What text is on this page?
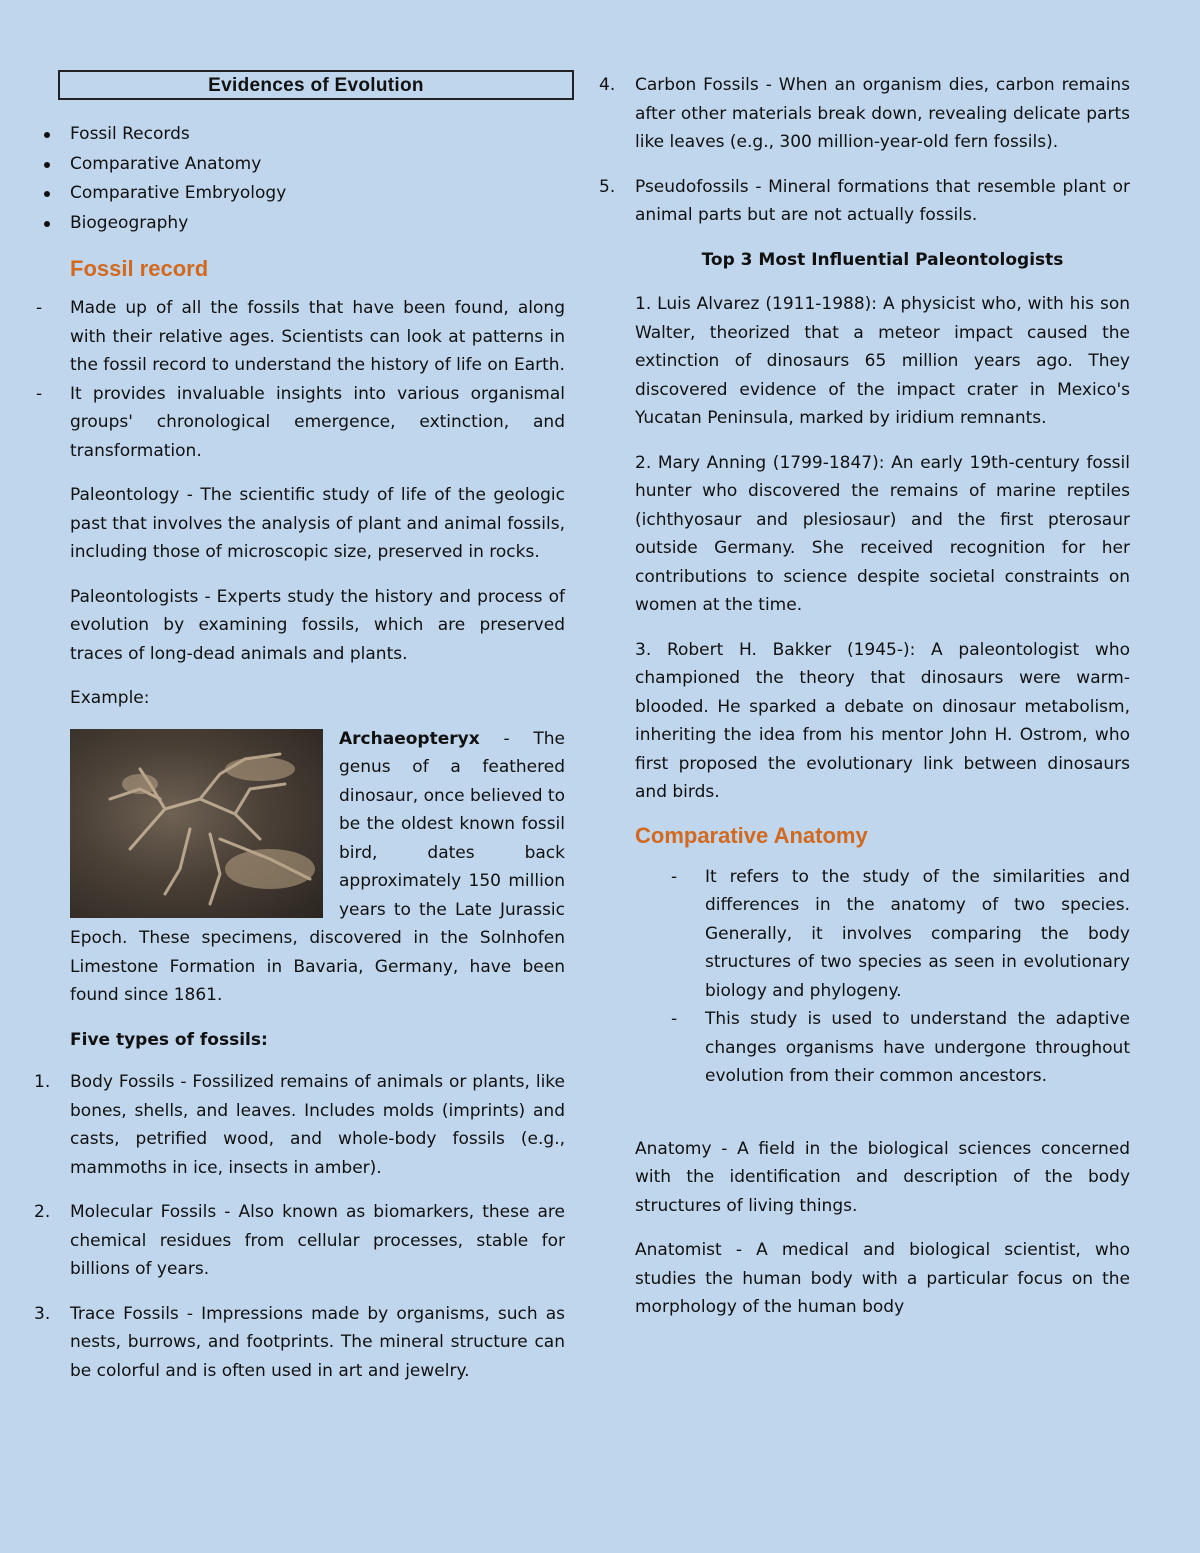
Evidences of Evolution
Fossil Records
Comparative Anatomy
Comparative Embryology
Biogeography
Fossil record
- Made up of all the fossils that have been found, along with their relative ages. Scientists can look at patterns in the fossil record to understand the history of life on Earth.
- It provides invaluable insights into various organismal groups' chronological emergence, extinction, and transformation.

Paleontology - The scientific study of life of the geologic past that involves the analysis of plant and animal fossils, including those of microscopic size, preserved in rocks.

Paleontologists - Experts study the history and process of evolution by examining fossils, which are preserved traces of long-dead animals and plants.

Example:

Archaeopteryx - The genus of a feathered dinosaur, once believed to be the oldest known fossil bird, dates back approximately 150 million years to the Late Jurassic Epoch. These specimens, discovered in the Solnhofen Limestone Formation in Bavaria, Germany, have been found since 1861.

Five types of fossils:

1. Body Fossils - Fossilized remains of animals or plants, like bones, shells, and leaves. Includes molds (imprints) and casts, petrified wood, and whole-body fossils (e.g., mammoths in ice, insects in amber).
2. Molecular Fossils - Also known as biomarkers, these are chemical residues from cellular processes, stable for billions of years.
3. Trace Fossils - Impressions made by organisms, such as nests, burrows, and footprints. The mineral structure can be colorful and is often used in art and jewelry.
4. Carbon Fossils - When an organism dies, carbon remains after other materials break down, revealing delicate parts like leaves (e.g., 300 million-year-old fern fossils).
5. Pseudofossils - Mineral formations that resemble plant or animal parts but are not actually fossils.

Top 3 Most Influential Paleontologists

1. Luis Alvarez (1911-1988): A physicist who, with his son Walter, theorized that a meteor impact caused the extinction of dinosaurs 65 million years ago. They discovered evidence of the impact crater in Mexico's Yucatan Peninsula, marked by iridium remnants.

2. Mary Anning (1799-1847): An early 19th-century fossil hunter who discovered the remains of marine reptiles (ichthyosaur and plesiosaur) and the first pterosaur outside Germany. She received recognition for her contributions to science despite societal constraints on women at the time.

3. Robert H. Bakker (1945-): A paleontologist who championed the theory that dinosaurs were warm-blooded. He sparked a debate on dinosaur metabolism, inheriting the idea from his mentor John H. Ostrom, who first proposed the evolutionary link between dinosaurs and birds.

Comparative Anatomy
- It refers to the study of the similarities and differences in the anatomy of two species. Generally, it involves comparing the body structures of two species as seen in evolutionary biology and phylogeny.
- This study is used to understand the adaptive changes organisms have undergone throughout evolution from their common ancestors.

Anatomy - A field in the biological sciences concerned with the identification and description of the body structures of living things.

Anatomist - A medical and biological scientist, who studies the human body with a particular focus on the morphology of the human body
